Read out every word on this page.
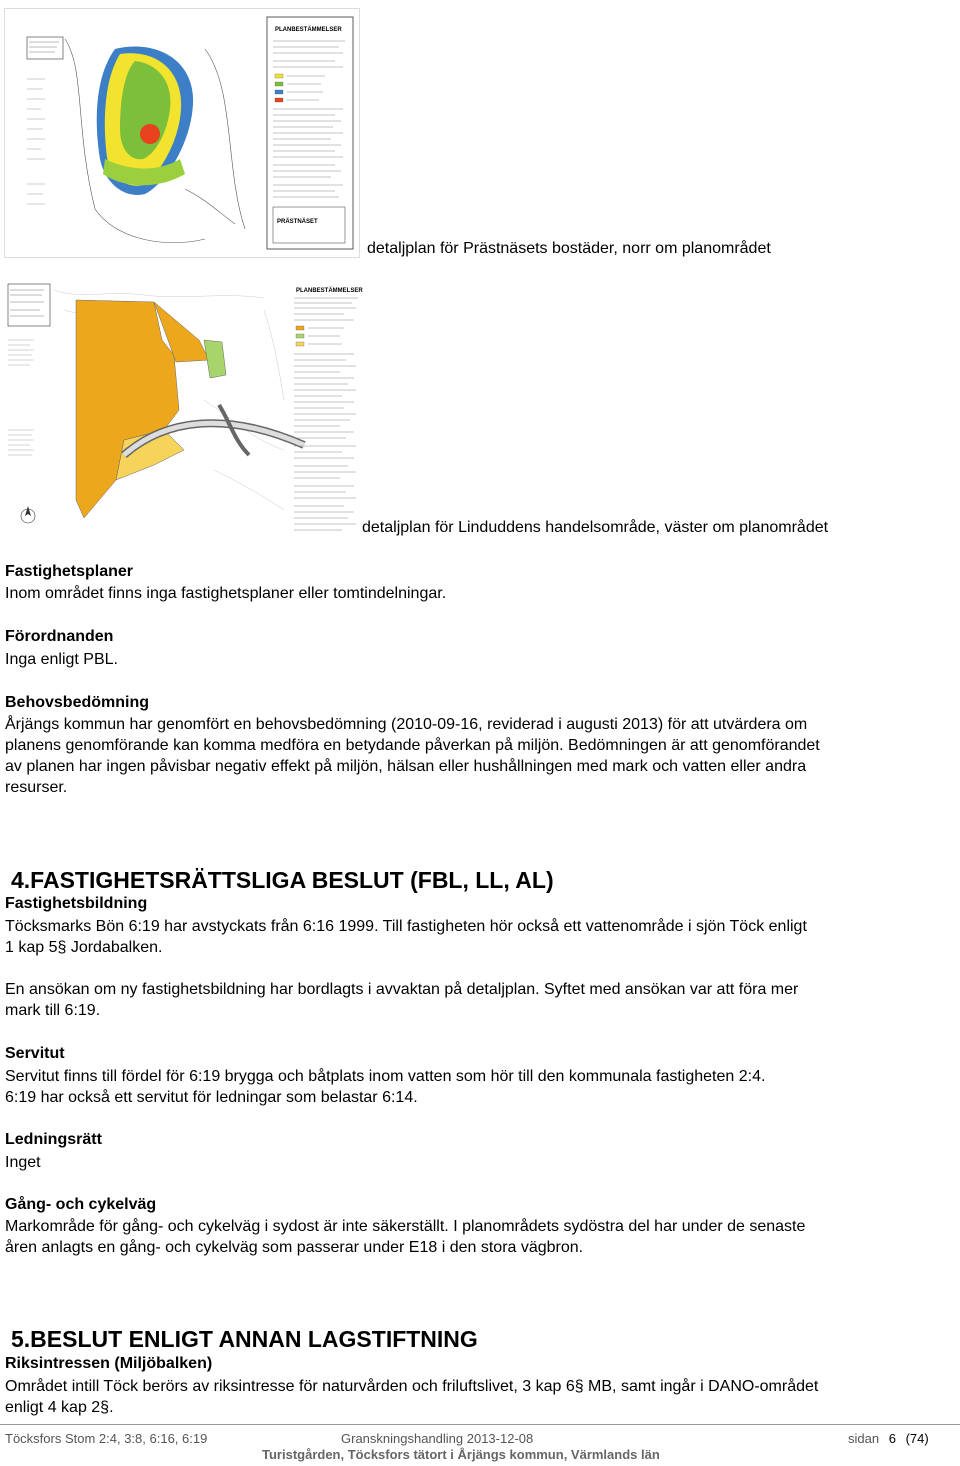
PLANBESTÄMMELSER
PRÄSTNÄSET
detaljplan för Prästnäsets bostäder, norr om planområdet
PLANBESTÄMMELSER
detaljplan för Linduddens handelsområde, väster om planområdet
Fastighetsplaner
Inom området finns inga fastighetsplaner eller tomtindelningar.
Förordnanden
Inga enligt PBL.
Behovsbedömning
Årjängs kommun har genomfört en behovsbedömning (2010-09-16, reviderad i augusti 2013) för att utvärdera om
planens genomförande kan komma medföra en betydande påverkan på miljön. Bedömningen är att genomförandet
av planen har ingen påvisbar negativ effekt på miljön, hälsan eller hushållningen med mark och vatten eller andra
resurser.
4.FASTIGHETSRÄTTSLIGA BESLUT (FBL, LL, AL)
Fastighetsbildning
Töcksmarks Bön 6:19 har avstyckats från 6:16 1999. Till fastigheten hör också ett vattenområde i sjön Töck enligt
1 kap 5§ Jordabalken.
En ansökan om ny fastighetsbildning har bordlagts i avvaktan på detaljplan. Syftet med ansökan var att föra mer
mark till 6:19.
Servitut
Servitut finns till fördel för 6:19 brygga och båtplats inom vatten som hör till den kommunala fastigheten 2:4.
6:19 har också ett servitut för ledningar som belastar 6:14.
Ledningsrätt
Inget
Gång- och cykelväg
Markområde för gång- och cykelväg i sydost är inte säkerställt. I planområdets sydöstra del har under de senaste
åren anlagts en gång- och cykelväg som passerar under E18 i den stora vägbron.
5.BESLUT ENLIGT ANNAN LAGSTIFTNING
Riksintressen (Miljöbalken)
Området intill Töck berörs av riksintresse för naturvården och friluftslivet, 3 kap 6§ MB, samt ingår i DANO-området
enligt 4 kap 2§.
Töcksfors Stom 2:4, 3:8, 6:16, 6:19	Granskningshandling 2013-12-08	sidan 6 (74)
Turistgården, Töcksfors tätort i Årjängs kommun, Värmlands län
